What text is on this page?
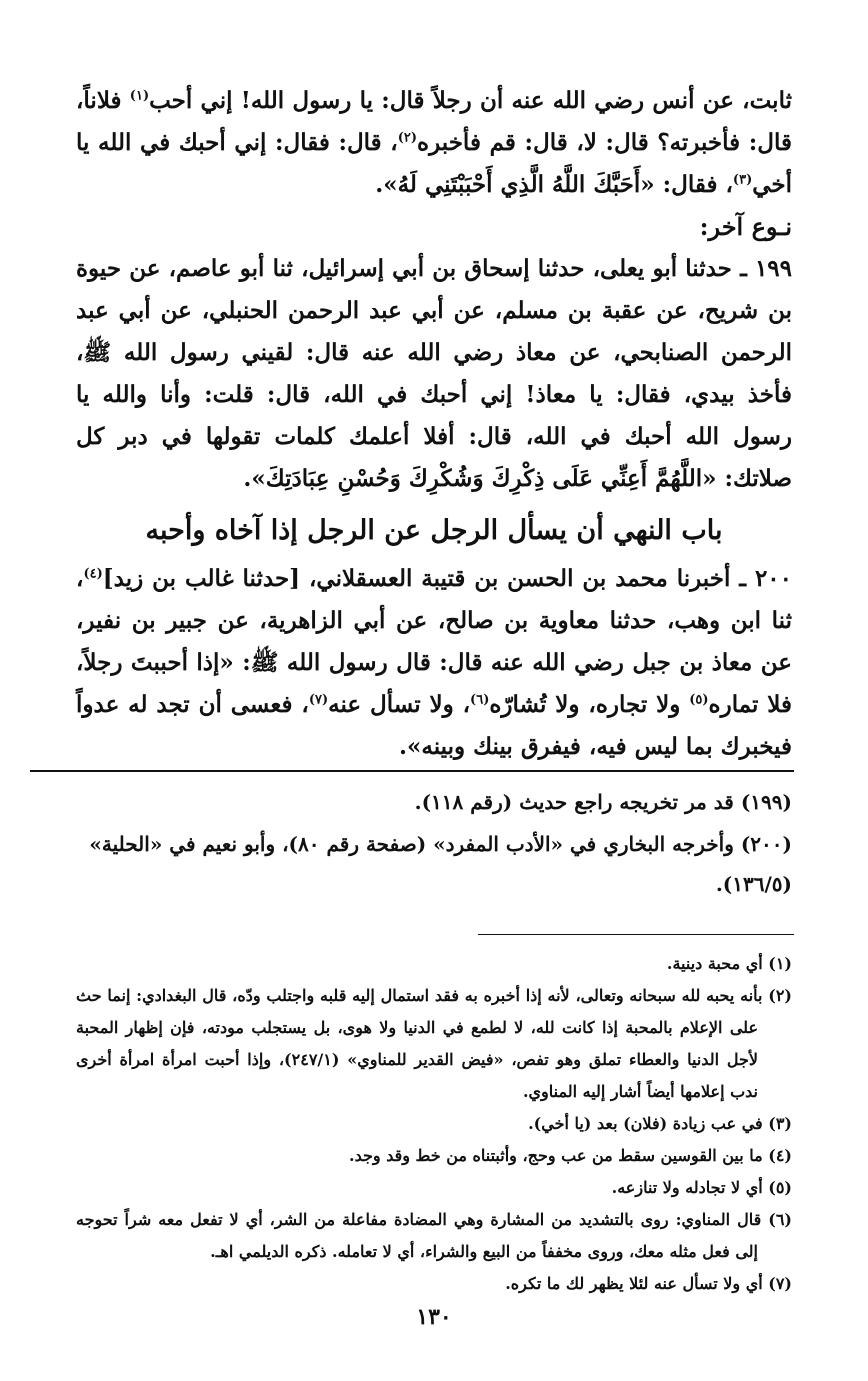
ثابت، عن أنس رضي الله عنه أن رجلاً قال: يا رسول الله! إني أحب$^{(١)}$ فلاناً، قال: فأخبرته؟ قال: لا، قال: قم فأخبره$^{(٢)}$، قال: فقال: إني أحبك في الله يا أخي$^{(٣)}$، فقال: «أَحَبَّكَ اللَّهُ الَّذِي أَحْبَبْتَنِي لَهُ».

نـوع آخر:

١٩٩ ـ حدثنا أبو يعلى، حدثنا إسحاق بن أبي إسرائيل، ثنا أبو عاصم، عن حيوة بن شريح، عن عقبة بن مسلم، عن أبي عبد الرحمن الحنبلي، عن أبي عبد الرحمن الصنابحي، عن معاذ رضي الله عنه قال: لقيني رسول الله ﷺ، فأخذ بيدي، فقال: يا معاذ! إني أحبك في الله، قال: قلت: وأنا والله يا رسول الله أحبك في الله، قال: أفلا أعلمك كلمات تقولها في دبر كل صلاتك: «اللَّهُمَّ أَعِنِّي عَلَى ذِكْرِكَ وَشُكْرِكَ وَحُسْنِ عِبَادَتِكَ».

باب النهي أن يسأل الرجل عن الرجل إذا آخاه وأحبه

٢٠٠ ـ أخبرنا محمد بن الحسن بن قتيبة العسقلاني، [حدثنا غالب بن زيد]$^{(٤)}$، ثنا ابن وهب، حدثنا معاوية بن صالح، عن أبي الزاهرية، عن جبير بن نفير، عن معاذ بن جبل رضي الله عنه قال: قال رسول الله ﷺ: «إذا أحببتَ رجلاً، فلا تماره$^{(٥)}$ ولا تجاره، ولا تُشارّه$^{(٦)}$، ولا تسأل عنه$^{(٧)}$، فعسى أن تجد له عدواً فيخبرك بما ليس فيه، فيفرق بينك وبينه».

(١٩٩) قد مر تخريجه راجع حديث (رقم ١١٨).

(٢٠٠) وأخرجه البخاري في «الأدب المفرد» (صفحة رقم ٨٠)، وأبو نعيم في «الحلية» (١٣٦/٥).

(١) أي محبة دينية.

(٢) بأنه يحبه لله سبحانه وتعالى، لأنه إذا أخبره به فقد استمال إليه قلبه واجتلب ودّه، قال البغدادي: إنما حث على الإعلام بالمحبة إذا كانت لله، لا لطمع في الدنيا ولا هوى، بل يستجلب مودته، فإن إظهار المحبة لأجل الدنيا والعطاء تملق وهو تفص، «فيض القدير للمناوي» (٢٤٧/١)، وإذا أحبت امرأة امرأة أخرى ندب إعلامها أيضاً أشار إليه المناوي.

(٣) في عب زيادة (فلان) بعد (يا أخي).

(٤) ما بين القوسين سقط من عب وحج، وأثبتناه من خط وقد وجد.

(٥) أي لا تجادله ولا تنازعه.

(٦) قال المناوي: روى بالتشديد من المشارة وهي المضادة مفاعلة من الشر، أي لا تفعل معه شراً تحوجه إلى فعل مثله معك، وروى مخففاً من البيع والشراء، أي لا تعامله. ذكره الديلمي اهـ.

(٧) أي ولا تسأل عنه لئلا يظهر لك ما تكره.

١٣٠
